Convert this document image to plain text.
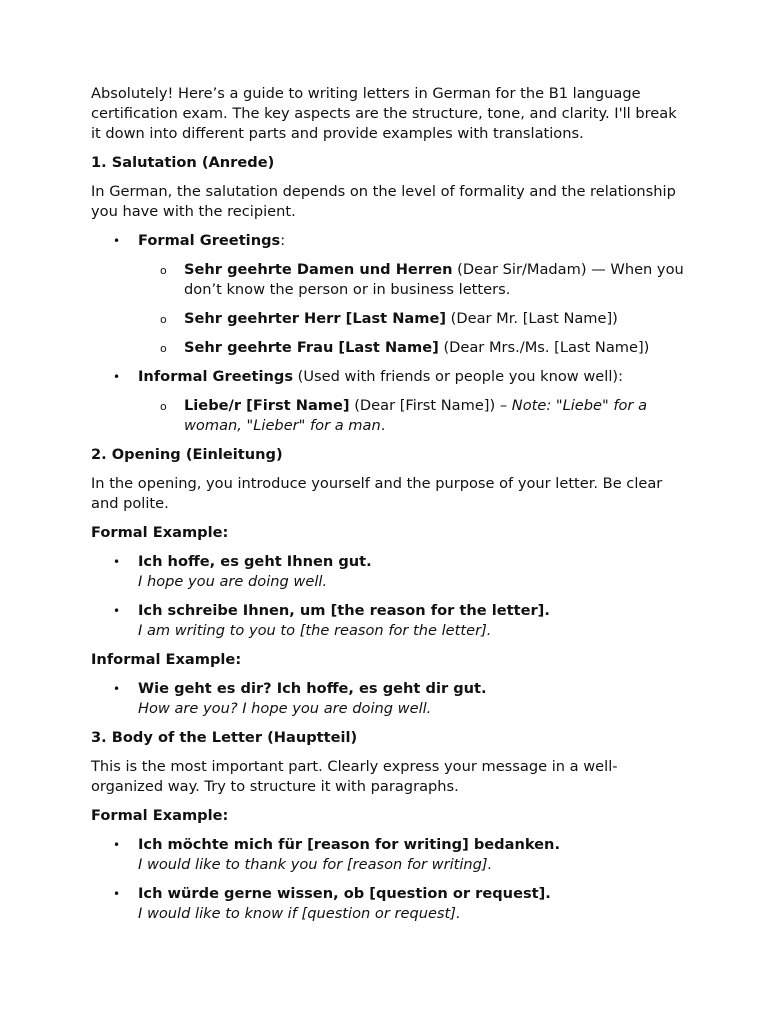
Absolutely! Here’s a guide to writing letters in German for the B1 language certification exam. The key aspects are the structure, tone, and clarity. I'll break it down into different parts and provide examples with translations.

1. Salutation (Anrede)

In German, the salutation depends on the level of formality and the relationship you have with the recipient.

• Formal Greetings:
o Sehr geehrte Damen und Herren (Dear Sir/Madam) — When you don’t know the person or in business letters.
o Sehr geehrter Herr [Last Name] (Dear Mr. [Last Name])
o Sehr geehrte Frau [Last Name] (Dear Mrs./Ms. [Last Name])
• Informal Greetings (Used with friends or people you know well):
o Liebe/r [First Name] (Dear [First Name]) – Note: "Liebe" for a woman, "Lieber" for a man.

2. Opening (Einleitung)

In the opening, you introduce yourself and the purpose of your letter. Be clear and polite.

Formal Example:

• Ich hoffe, es geht Ihnen gut.
I hope you are doing well.
• Ich schreibe Ihnen, um [the reason for the letter].
I am writing to you to [the reason for the letter].

Informal Example:

• Wie geht es dir? Ich hoffe, es geht dir gut.
How are you? I hope you are doing well.

3. Body of the Letter (Hauptteil)

This is the most important part. Clearly express your message in a well-organized way. Try to structure it with paragraphs.

Formal Example:

• Ich möchte mich für [reason for writing] bedanken.
I would like to thank you for [reason for writing].
• Ich würde gerne wissen, ob [question or request].
I would like to know if [question or request].
